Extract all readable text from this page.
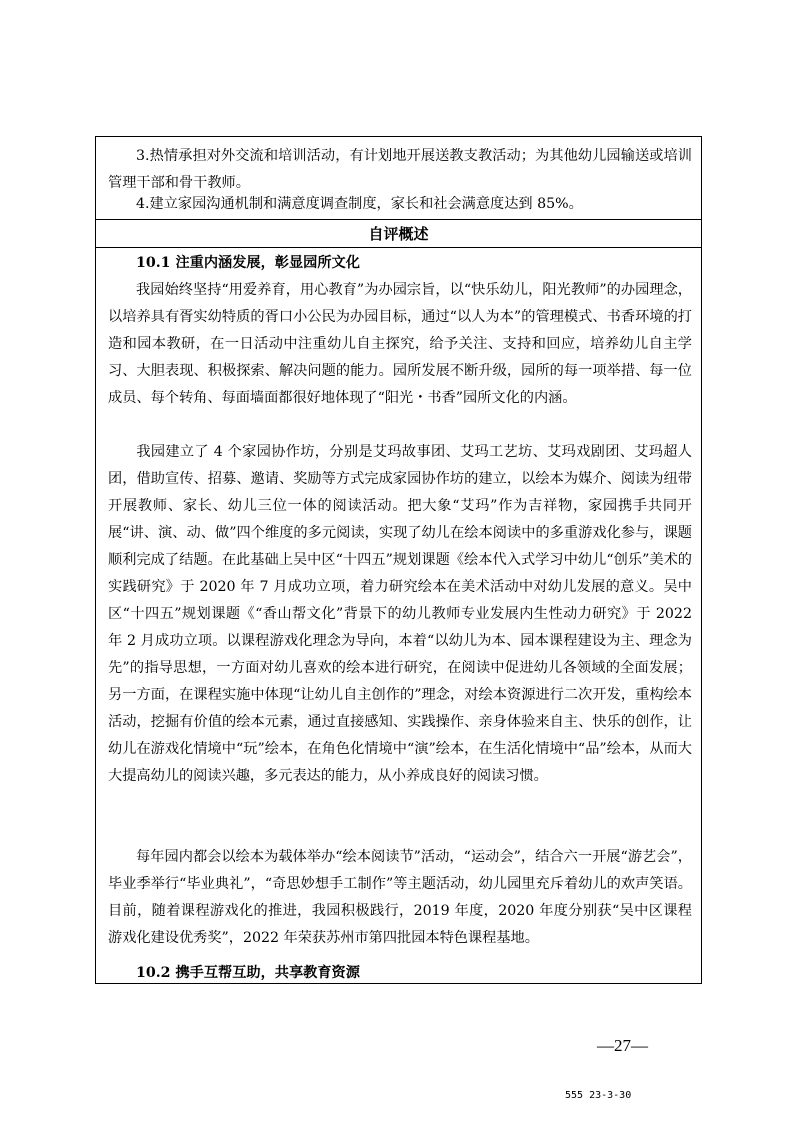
3.热情承担对外交流和培训活动，有计划地开展送教支教活动；为其他幼儿园输送或培训管理干部和骨干教师。

4.建立家园沟通机制和满意度调查制度，家长和社会满意度达到 85%。

自评概述

10.1 注重内涵发展，彰显园所文化

我园始终坚持“用爱养育，用心教育”为办园宗旨，以“快乐幼儿，阳光教师”的办园理念，以培养具有胥实幼特质的胥口小公民为办园目标，通过“以人为本”的管理模式、书香环境的打造和园本教研，在一日活动中注重幼儿自主探究，给予关注、支持和回应，培养幼儿自主学习、大胆表现、积极探索、解决问题的能力。园所发展不断升级，园所的每一项举措、每一位成员、每个转角、每面墙面都很好地体现了“阳光・书香”园所文化的内涵。

我园建立了 4 个家园协作坊，分别是艾玛故事团、艾玛工艺坊、艾玛戏剧团、艾玛超人团，借助宣传、招募、邀请、奖励等方式完成家园协作坊的建立，以绘本为媒介、阅读为纽带开展教师、家长、幼儿三位一体的阅读活动。把大象“艾玛”作为吉祥物，家园携手共同开展“讲、演、动、做”四个维度的多元阅读，实现了幼儿在绘本阅读中的多重游戏化参与，课题顺利完成了结题。在此基础上吴中区“十四五”规划课题《绘本代入式学习中幼儿“创乐”美术的实践研究》于 2020 年 7 月成功立项，着力研究绘本在美术活动中对幼儿发展的意义。吴中区“十四五”规划课题《“香山帮文化”背景下的幼儿教师专业发展内生性动力研究》于 2022 年 2 月成功立项。以课程游戏化理念为导向，本着“以幼儿为本、园本课程建设为主、理念为先”的指导思想，一方面对幼儿喜欢的绘本进行研究，在阅读中促进幼儿各领域的全面发展；另一方面，在课程实施中体现“让幼儿自主创作的”理念，对绘本资源进行二次开发，重构绘本活动，挖掘有价值的绘本元素，通过直接感知、实践操作、亲身体验来自主、快乐的创作，让幼儿在游戏化情境中“玩”绘本，在角色化情境中“演”绘本，在生活化情境中“品”绘本，从而大大提高幼儿的阅读兴趣，多元表达的能力，从小养成良好的阅读习惯。

每年园内都会以绘本为载体举办“绘本阅读节”活动，“运动会”，结合六一开展“游艺会”，毕业季举行“毕业典礼”，“奇思妙想手工制作”等主题活动，幼儿园里充斥着幼儿的欢声笑语。目前，随着课程游戏化的推进，我园积极践行，2019 年度，2020 年度分别获“吴中区课程游戏化建设优秀奖”，2022 年荣获苏州市第四批园本特色课程基地。

10.2 携手互帮互助，共享教育资源

—27—
555 23-3-30
